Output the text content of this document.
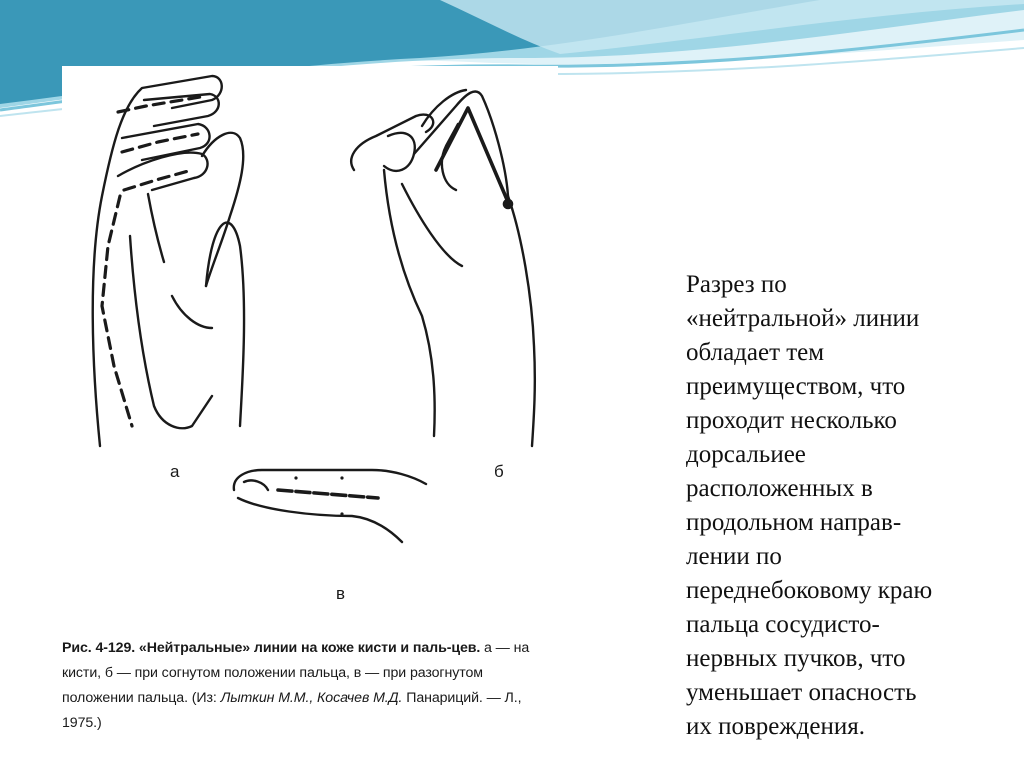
а	б
в
Рис. 4-129. «Нейтральные» линии на коже кисти и паль-цев. а — на кисти, б — при согнутом положении пальца, в — при разогнутом положении пальца. (Из: Лыткин М.М., Косачев М.Д. Панариций. — Л., 1975.)
Разрез по
«нейтральной» линии
обладает тем
преимуществом, что
проходит несколько
дорсальиее
расположенных в
продольном направ-
лении по
переднебоковому краю
пальца сосудисто-
нервных пучков, что
уменьшает опасность
их повреждения.
